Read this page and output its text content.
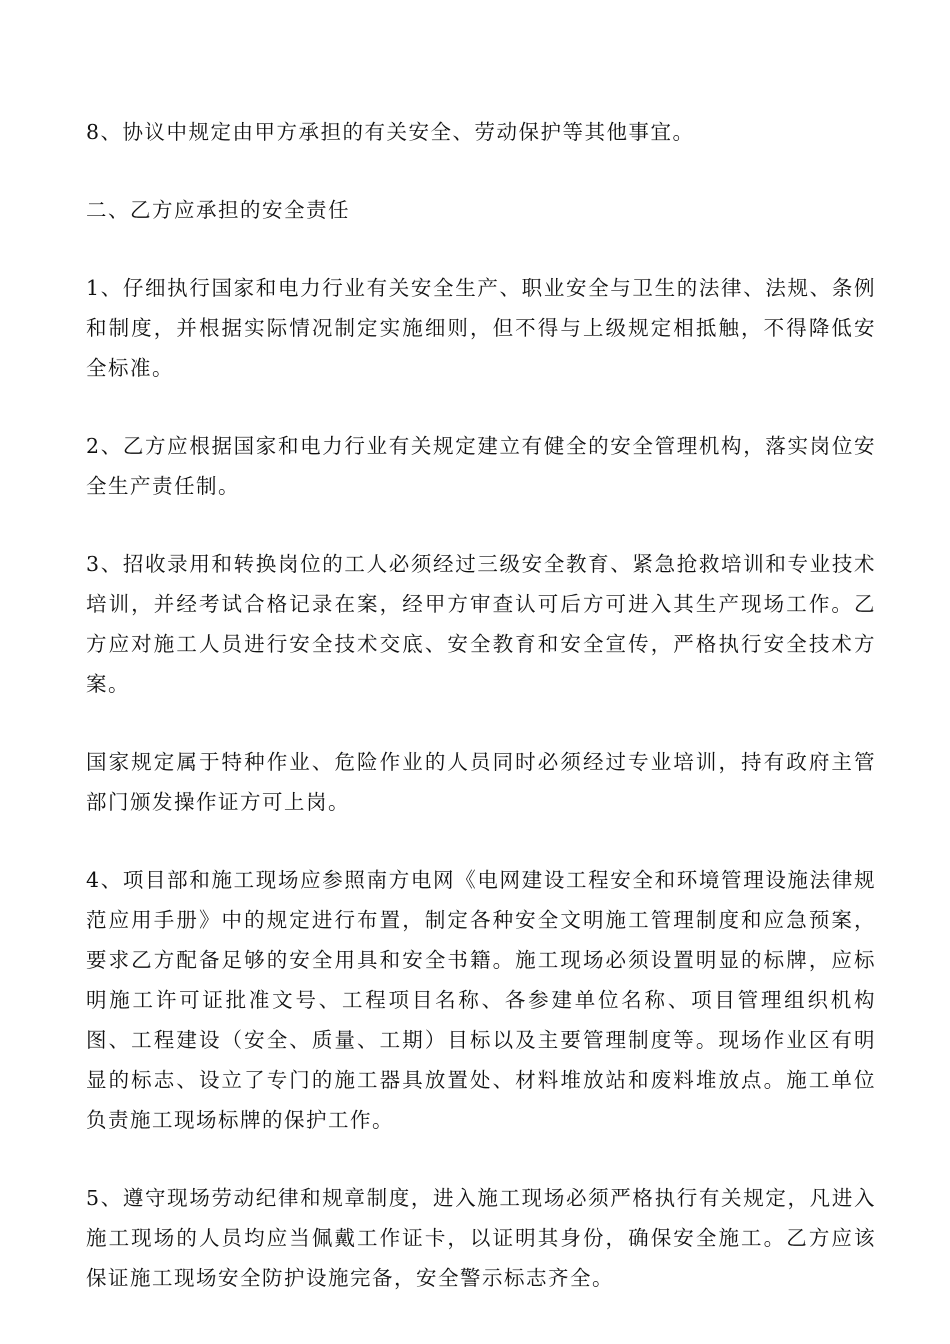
8、协议中规定由甲方承担的有关安全、劳动保护等其他事宜。

二、乙方应承担的安全责任

1、仔细执行国家和电力行业有关安全生产、职业安全与卫生的法律、法规、条例和制度，并根据实际情况制定实施细则，但不得与上级规定相抵触，不得降低安全标准。

2、乙方应根据国家和电力行业有关规定建立有健全的安全管理机构，落实岗位安全生产责任制。

3、招收录用和转换岗位的工人必须经过三级安全教育、紧急抢救培训和专业技术培训，并经考试合格记录在案，经甲方审查认可后方可进入其生产现场工作。乙方应对施工人员进行安全技术交底、安全教育和安全宣传，严格执行安全技术方案。

国家规定属于特种作业、危险作业的人员同时必须经过专业培训，持有政府主管部门颁发操作证方可上岗。

4、项目部和施工现场应参照南方电网《电网建设工程安全和环境管理设施法律规范应用手册》中的规定进行布置，制定各种安全文明施工管理制度和应急预案，要求乙方配备足够的安全用具和安全书籍。施工现场必须设置明显的标牌，应标明施工许可证批准文号、工程项目名称、各参建单位名称、项目管理组织机构图、工程建设（安全、质量、工期）目标以及主要管理制度等。现场作业区有明显的标志、设立了专门的施工器具放置处、材料堆放站和废料堆放点。施工单位负责施工现场标牌的保护工作。

5、遵守现场劳动纪律和规章制度，进入施工现场必须严格执行有关规定，凡进入施工现场的人员均应当佩戴工作证卡，以证明其身份，确保安全施工。乙方应该保证施工现场安全防护设施完备，安全警示标志齐全。
